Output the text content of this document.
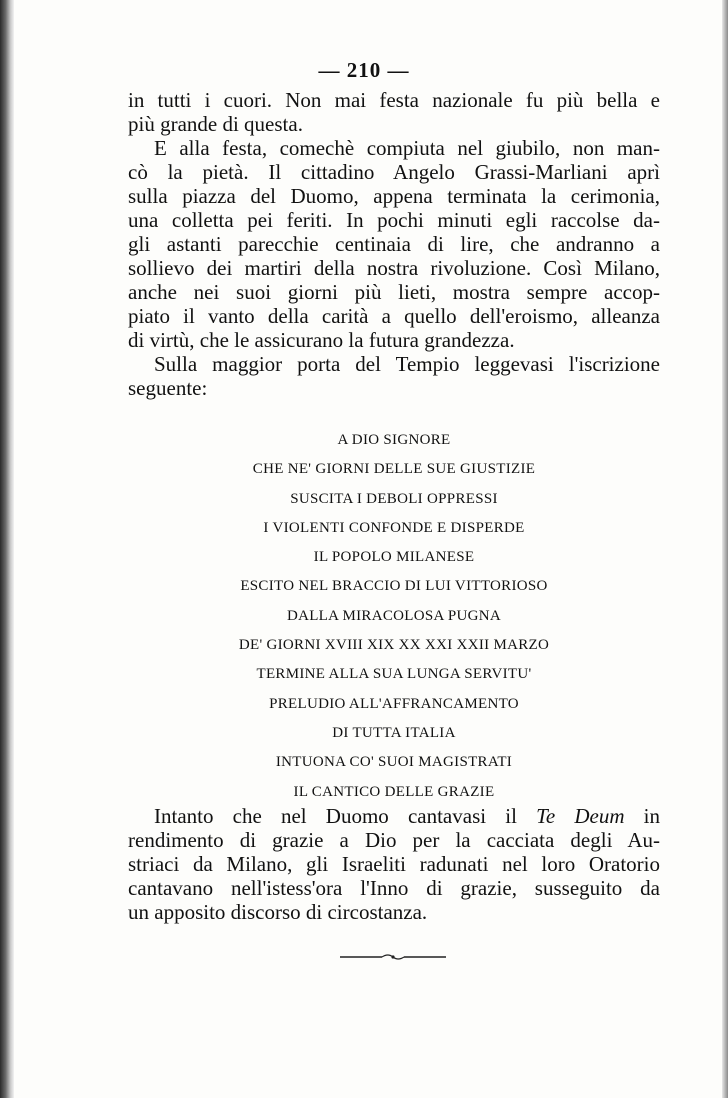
— 210 —
in tutti i cuori. Non mai festa nazionale fu più bella e
più grande di questa.
E alla festa, comechè compiuta nel giubilo, non man-
cò la pietà. Il cittadino Angelo Grassi-Marliani aprì
sulla piazza del Duomo, appena terminata la cerimonia,
una colletta pei feriti. In pochi minuti egli raccolse da-
gli astanti parecchie centinaia di lire, che andranno a
sollievo dei martiri della nostra rivoluzione. Così Milano,
anche nei suoi giorni più lieti, mostra sempre accop-
piato il vanto della carità a quello dell'eroismo, alleanza
di virtù, che le assicurano la futura grandezza.
Sulla maggior porta del Tempio leggevasi l'iscrizione
seguente:
A DIO SIGNORE
CHE NE' GIORNI DELLE SUE GIUSTIZIE
SUSCITA I DEBOLI OPPRESSI
I VIOLENTI CONFONDE E DISPERDE
IL POPOLO MILANESE
ESCITO NEL BRACCIO DI LUI VITTORIOSO
DALLA MIRACOLOSA PUGNA
DE' GIORNI XVIII XIX XX XXI XXII MARZO
TERMINE ALLA SUA LUNGA SERVITU'
PRELUDIO ALL'AFFRANCAMENTO
DI TUTTA ITALIA
INTUONA CO' SUOI MAGISTRATI
IL CANTICO DELLE GRAZIE
Intanto che nel Duomo cantavasi il Te Deum in
rendimento di grazie a Dio per la cacciata degli Au-
striaci da Milano, gli Israeliti radunati nel loro Oratorio
cantavano nell'istess'ora l'Inno di grazie, susseguito da
un apposito discorso di circostanza.
